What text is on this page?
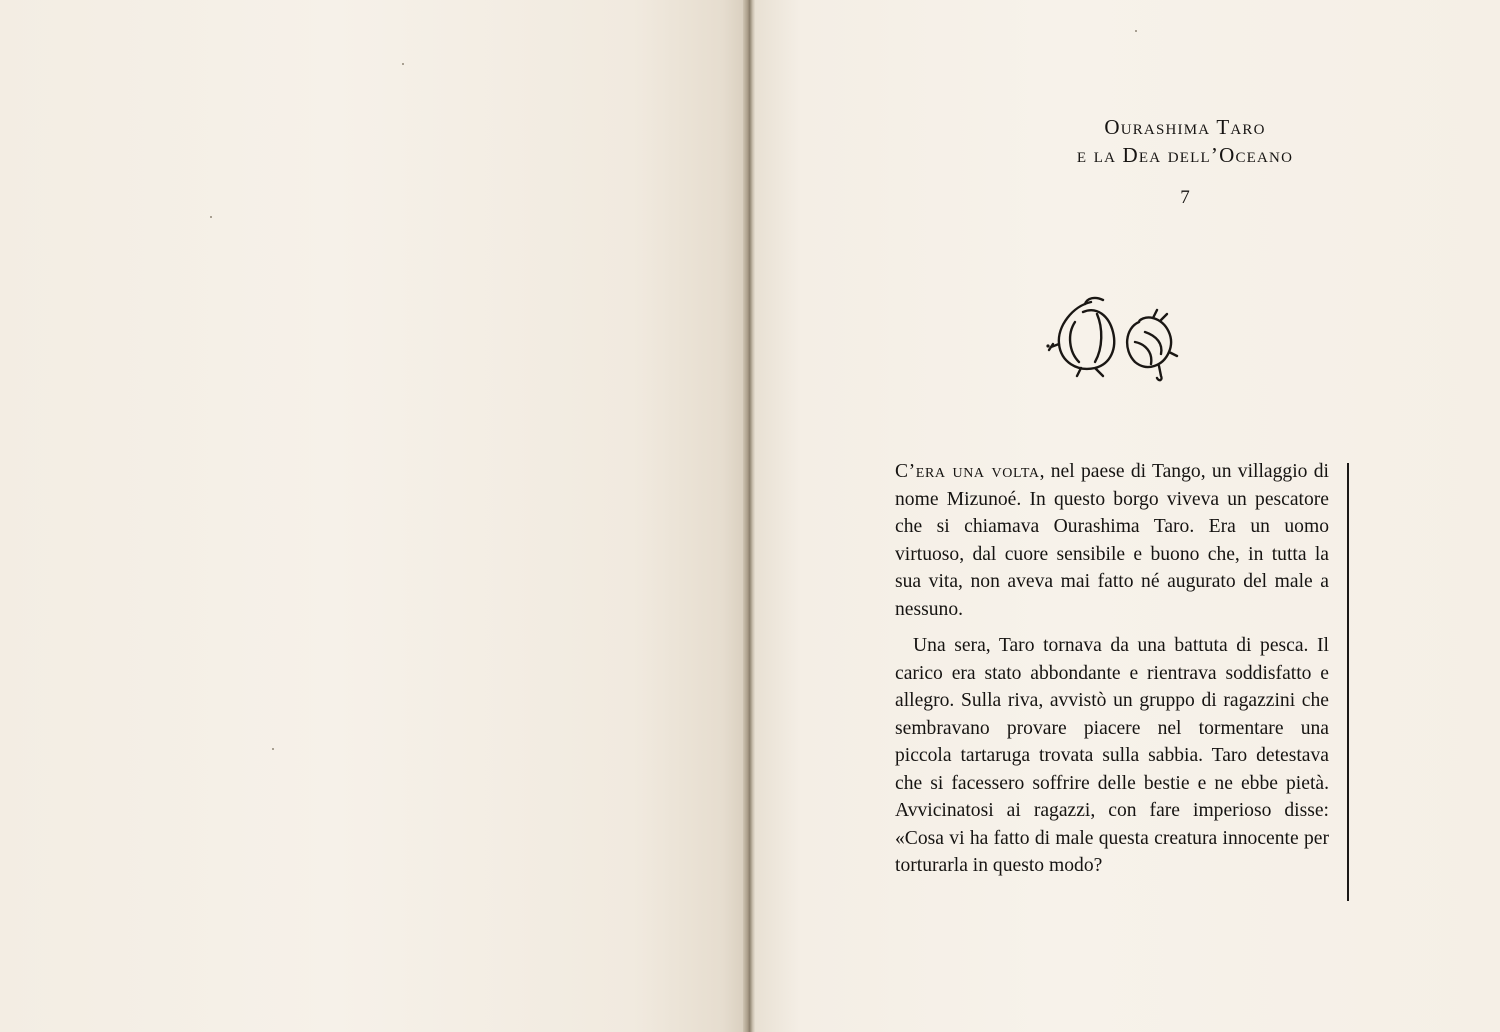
Ourashima Taro
e la Dea dell’Oceano
7

C’era una volta, nel paese di Tango, un villaggio di nome Mizunoé. In questo borgo viveva un pescatore che si chiamava Ourashima Taro. Era un uomo virtuoso, dal cuore sensibile e buono che, in tutta la sua vita, non aveva mai fatto né augurato del male a nessuno.

Una sera, Taro tornava da una battuta di pesca. Il carico era stato abbondante e rientrava soddisfatto e allegro. Sulla riva, avvistò un gruppo di ragazzini che sembravano provare piacere nel tormentare una piccola tartaruga trovata sulla sabbia. Taro detestava che si facessero soffrire delle bestie e ne ebbe pietà. Avvicinatosi ai ragazzi, con fare imperioso disse: «Cosa vi ha fatto di male questa creatura innocente per torturarla in questo modo?
